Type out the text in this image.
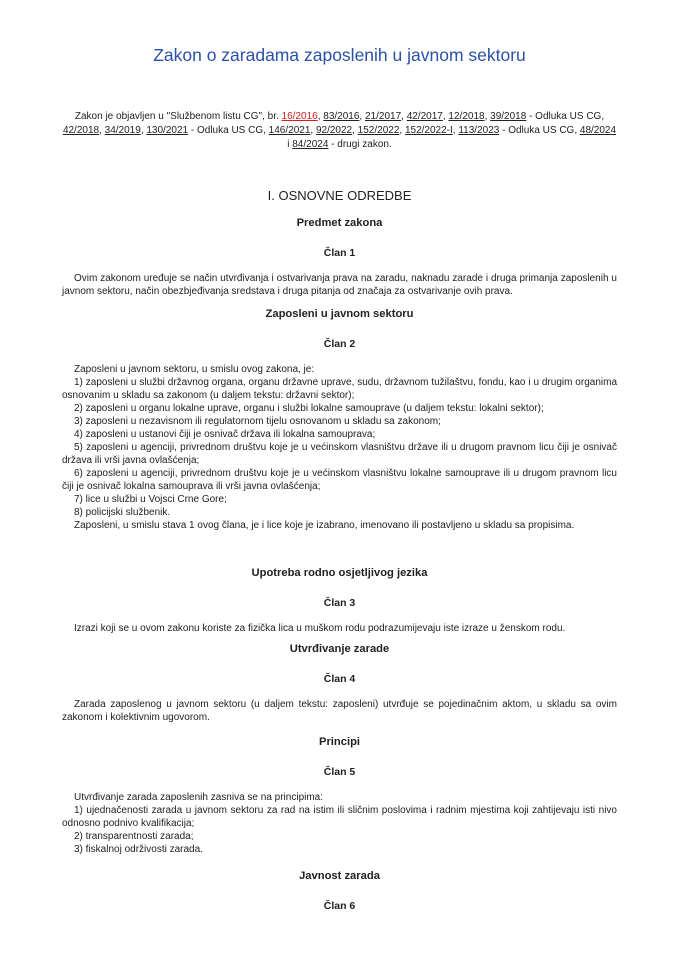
Zakon o zaradama zaposlenih u javnom sektoru
Zakon je objavljen u "Službenom listu CG", br. 16/2016, 83/2016, 21/2017, 42/2017, 12/2018, 39/2018 - Odluka US CG, 42/2018, 34/2019, 130/2021 - Odluka US CG, 146/2021, 92/2022, 152/2022, 152/2022-I, 113/2023 - Odluka US CG, 48/2024 i 84/2024 - drugi zakon.
I. OSNOVNE ODREDBE
Predmet zakona
Član 1

Ovim zakonom uređuje se način utvrđivanja i ostvarivanja prava na zaradu, naknadu zarade i druga primanja zaposlenih u javnom sektoru, način obezbjeđivanja sredstava i druga pitanja od značaja za ostvarivanje ovih prava.

Zaposleni u javnom sektoru
Član 2

Zaposleni u javnom sektoru, u smislu ovog zakona, je:

1) zaposleni u službi državnog organa, organu državne uprave, sudu, državnom tužilaštvu, fondu, kao i u drugim organima osnovanim u skladu sa zakonom (u daljem tekstu: državni sektor);

2) zaposleni u organu lokalne uprave, organu i službi lokalne samouprave (u daljem tekstu: lokalni sektor);

3) zaposleni u nezavisnom ili regulatornom tijelu osnovanom u skladu sa zakonom;

4) zaposleni u ustanovi čiji je osnivač država ili lokalna samouprava;

5) zaposleni u agenciji, privrednom društvu koje je u većinskom vlasništvu države ili u drugom pravnom licu čiji je osnivač država ili vrši javna ovlašćenja;

6) zaposleni u agenciji, privrednom društvu koje je u većinskom vlasništvu lokalne samouprave ili u drugom pravnom licu čiji je osnivač lokalna samouprava ili vrši javna ovlašćenja;

7) lice u službi u Vojsci Crne Gore;

8) policijski službenik.

Zaposleni, u smislu stava 1 ovog člana, je i lice koje je izabrano, imenovano ili postavljeno u skladu sa propisima.

Upotreba rodno osjetljivog jezika
Član 3

Izrazi koji se u ovom zakonu koriste za fizička lica u muškom rodu podrazumijevaju iste izraze u ženskom rodu.

Utvrđivanje zarade
Član 4

Zarada zaposlenog u javnom sektoru (u daljem tekstu: zaposleni) utvrđuje se pojedinačnim aktom, u skladu sa ovim zakonom i kolektivnim ugovorom.

Principi
Član 5

Utvrđivanje zarada zaposlenih zasniva se na principima:

1) ujednačenosti zarada u javnom sektoru za rad na istim ili sličnim poslovima i radnim mjestima koji zahtijevaju isti nivo odnosno podnivo kvalifikacija;

2) transparentnosti zarada;

3) fiskalnoj održivosti zarada.

Javnost zarada
Član 6
